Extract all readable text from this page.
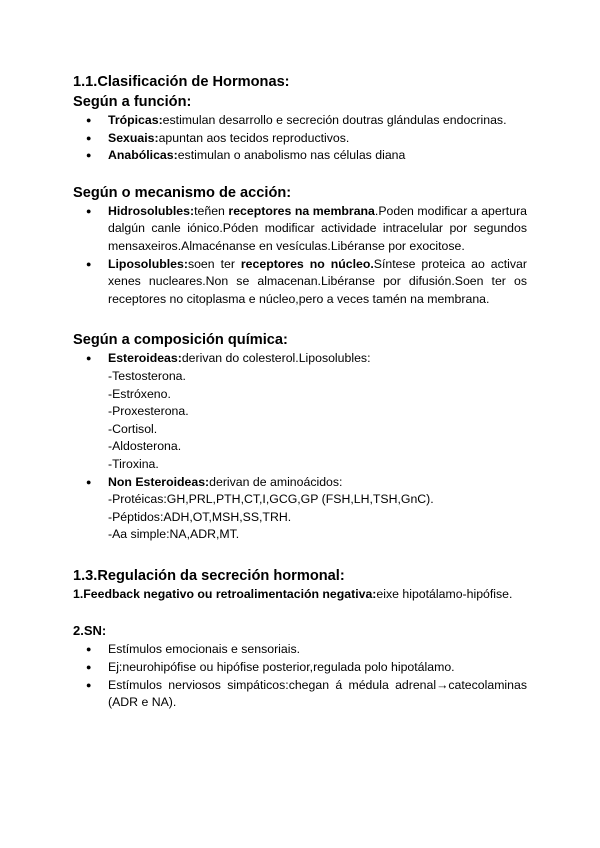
1.1.Clasificación de Hormonas:
Según a función:
● Trópicas:estimulan desarrollo e secreción doutras glándulas endocrinas.
● Sexuais:apuntan aos tecidos reproductivos.
● Anabólicas:estimulan o anabolismo nas células diana
Según o mecanismo de acción:
● Hidrosolubles:teñen receptores na membrana.Poden modificar a apertura dalgún canle iónico.Póden modificar actividade intracelular por segundos mensaxeiros.Almacénanse en vesículas.Libéranse por exocitose.
● Liposolubles:soen ter receptores no núcleo.Síntese proteica ao activar xenes nucleares.Non se almacenan.Libéranse por difusión.Soen ter os receptores no citoplasma e núcleo,pero a veces tamén na membrana.
Según a composición química:
● Esteroideas:derivan do colesterol.Liposolubles:
-Testosterona.
-Estróxeno.
-Proxesterona.
-Cortisol.
-Aldosterona.
-Tiroxina.
● Non Esteroideas:derivan de aminoácidos:
-Protéicas:GH,PRL,PTH,CT,I,GCG,GP (FSH,LH,TSH,GnC).
-Péptidos:ADH,OT,MSH,SS,TRH.
-Aa simple:NA,ADR,MT.
1.3.Regulación da secreción hormonal:

1.Feedback negativo ou retroalimentación negativa:eixe hipotálamo-hipófise.

2.SN:
● Estímulos emocionais e sensoriais.
● Ej:neurohipófise ou hipófise posterior,regulada polo hipotálamo.
● Estímulos nerviosos simpáticos:chegan á médula adrenal→catecolaminas (ADR e NA).
